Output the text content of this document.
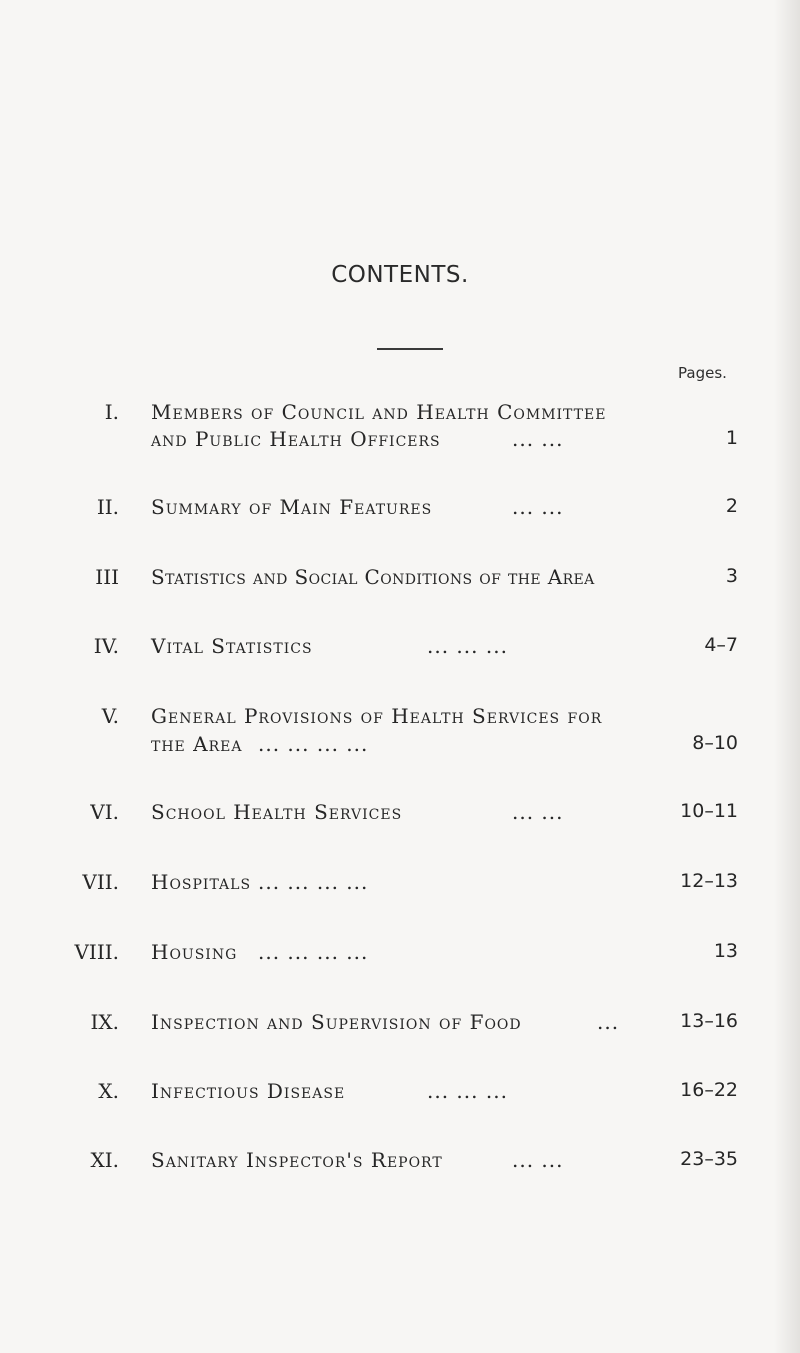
CONTENTS.
Pages.
I. Members of Council and Health Committee
and Public Health Officers	... ...	1
II. Summary of Main Features	... ...	2
III Statistics and Social Conditions of the Area	3
IV. Vital Statistics	... ... ...	4–7
V. General Provisions of Health Services for
the Area ... ... ... ...	8–10
VI. School Health Services	... ...	10–11
VII. Hospitals ... ... ... ...	12–13
VIII. Housing ... ... ... ...	13
IX. Inspection and Supervision of Food	...	13–16
X. Infectious Disease	... ... ...	16–22
XI. Sanitary Inspector's Report	... ...	23–35
